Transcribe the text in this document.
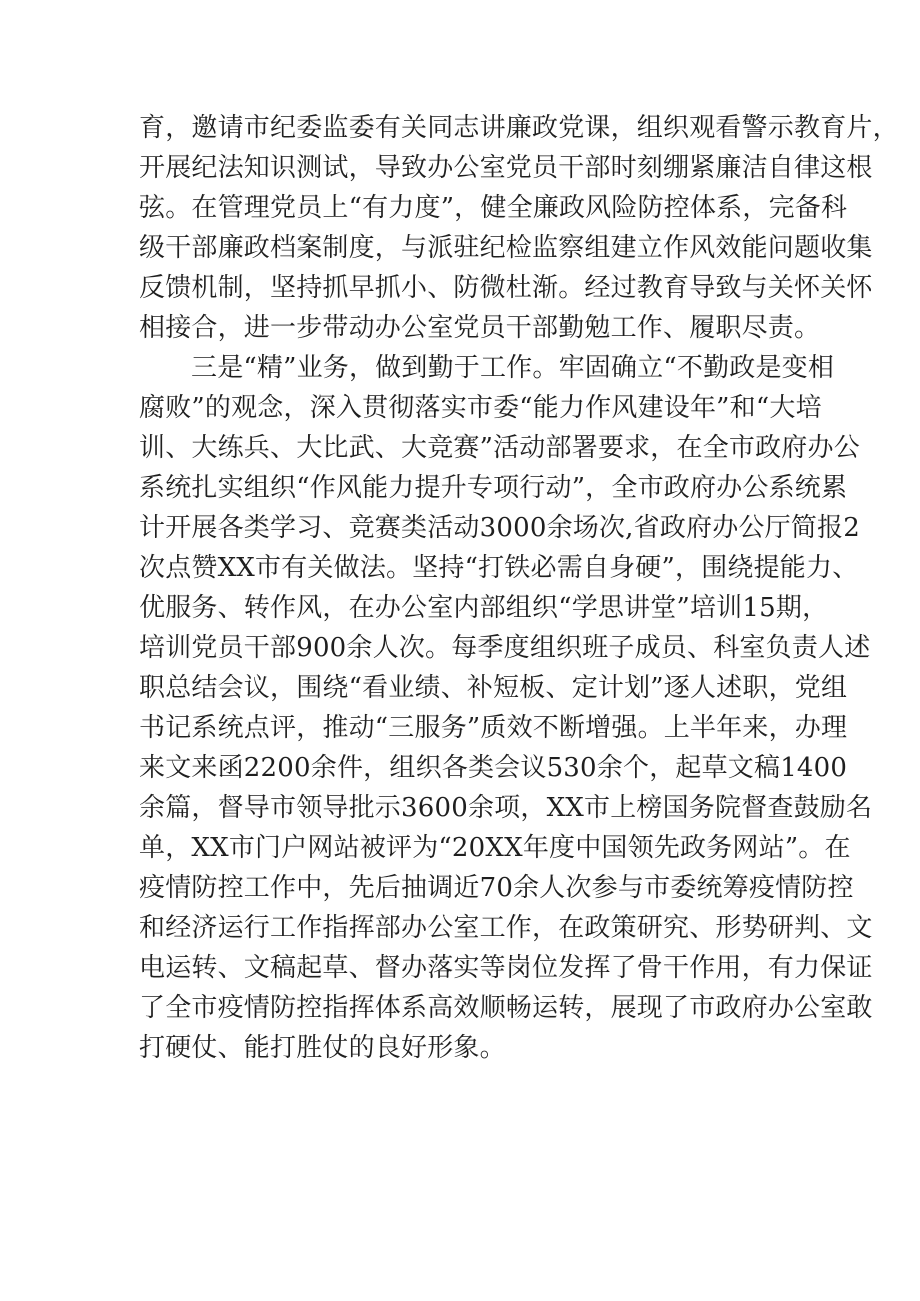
育，邀请市纪委监委有关同志讲廉政党课，组织观看警示教育片，
开展纪法知识测试，导致办公室党员干部时刻绷紧廉洁自律这根
弦。在管理党员上“有力度”，健全廉政风险防控体系，完备科
级干部廉政档案制度，与派驻纪检监察组建立作风效能问题收集
反馈机制，坚持抓早抓小、防微杜渐。经过教育导致与关怀关怀
相接合，进一步带动办公室党员干部勤勉工作、履职尽责。
三是“精”业务，做到勤于工作。牢固确立“不勤政是变相
腐败”的观念，深入贯彻落实市委“能力作风建设年”和“大培
训、大练兵、大比武、大竞赛”活动部署要求，在全市政府办公
系统扎实组织“作风能力提升专项行动”，全市政府办公系统累
计开展各类学习、竞赛类活动3000余场次,省政府办公厅简报2
次点赞XX市有关做法。坚持“打铁必需自身硬”，围绕提能力、
优服务、转作风，在办公室内部组织“学思讲堂”培训15期，
培训党员干部900余人次。每季度组织班子成员、科室负责人述
职总结会议，围绕“看业绩、补短板、定计划”逐人述职，党组
书记系统点评，推动“三服务”质效不断增强。上半年来，办理
来文来函2200余件，组织各类会议530余个，起草文稿1400
余篇，督导市领导批示3600余项，XX市上榜国务院督查鼓励名
单，XX市门户网站被评为“20XX年度中国领先政务网站”。在
疫情防控工作中，先后抽调近70余人次参与市委统筹疫情防控
和经济运行工作指挥部办公室工作，在政策研究、形势研判、文
电运转、文稿起草、督办落实等岗位发挥了骨干作用，有力保证
了全市疫情防控指挥体系高效顺畅运转，展现了市政府办公室敢
打硬仗、能打胜仗的良好形象。
